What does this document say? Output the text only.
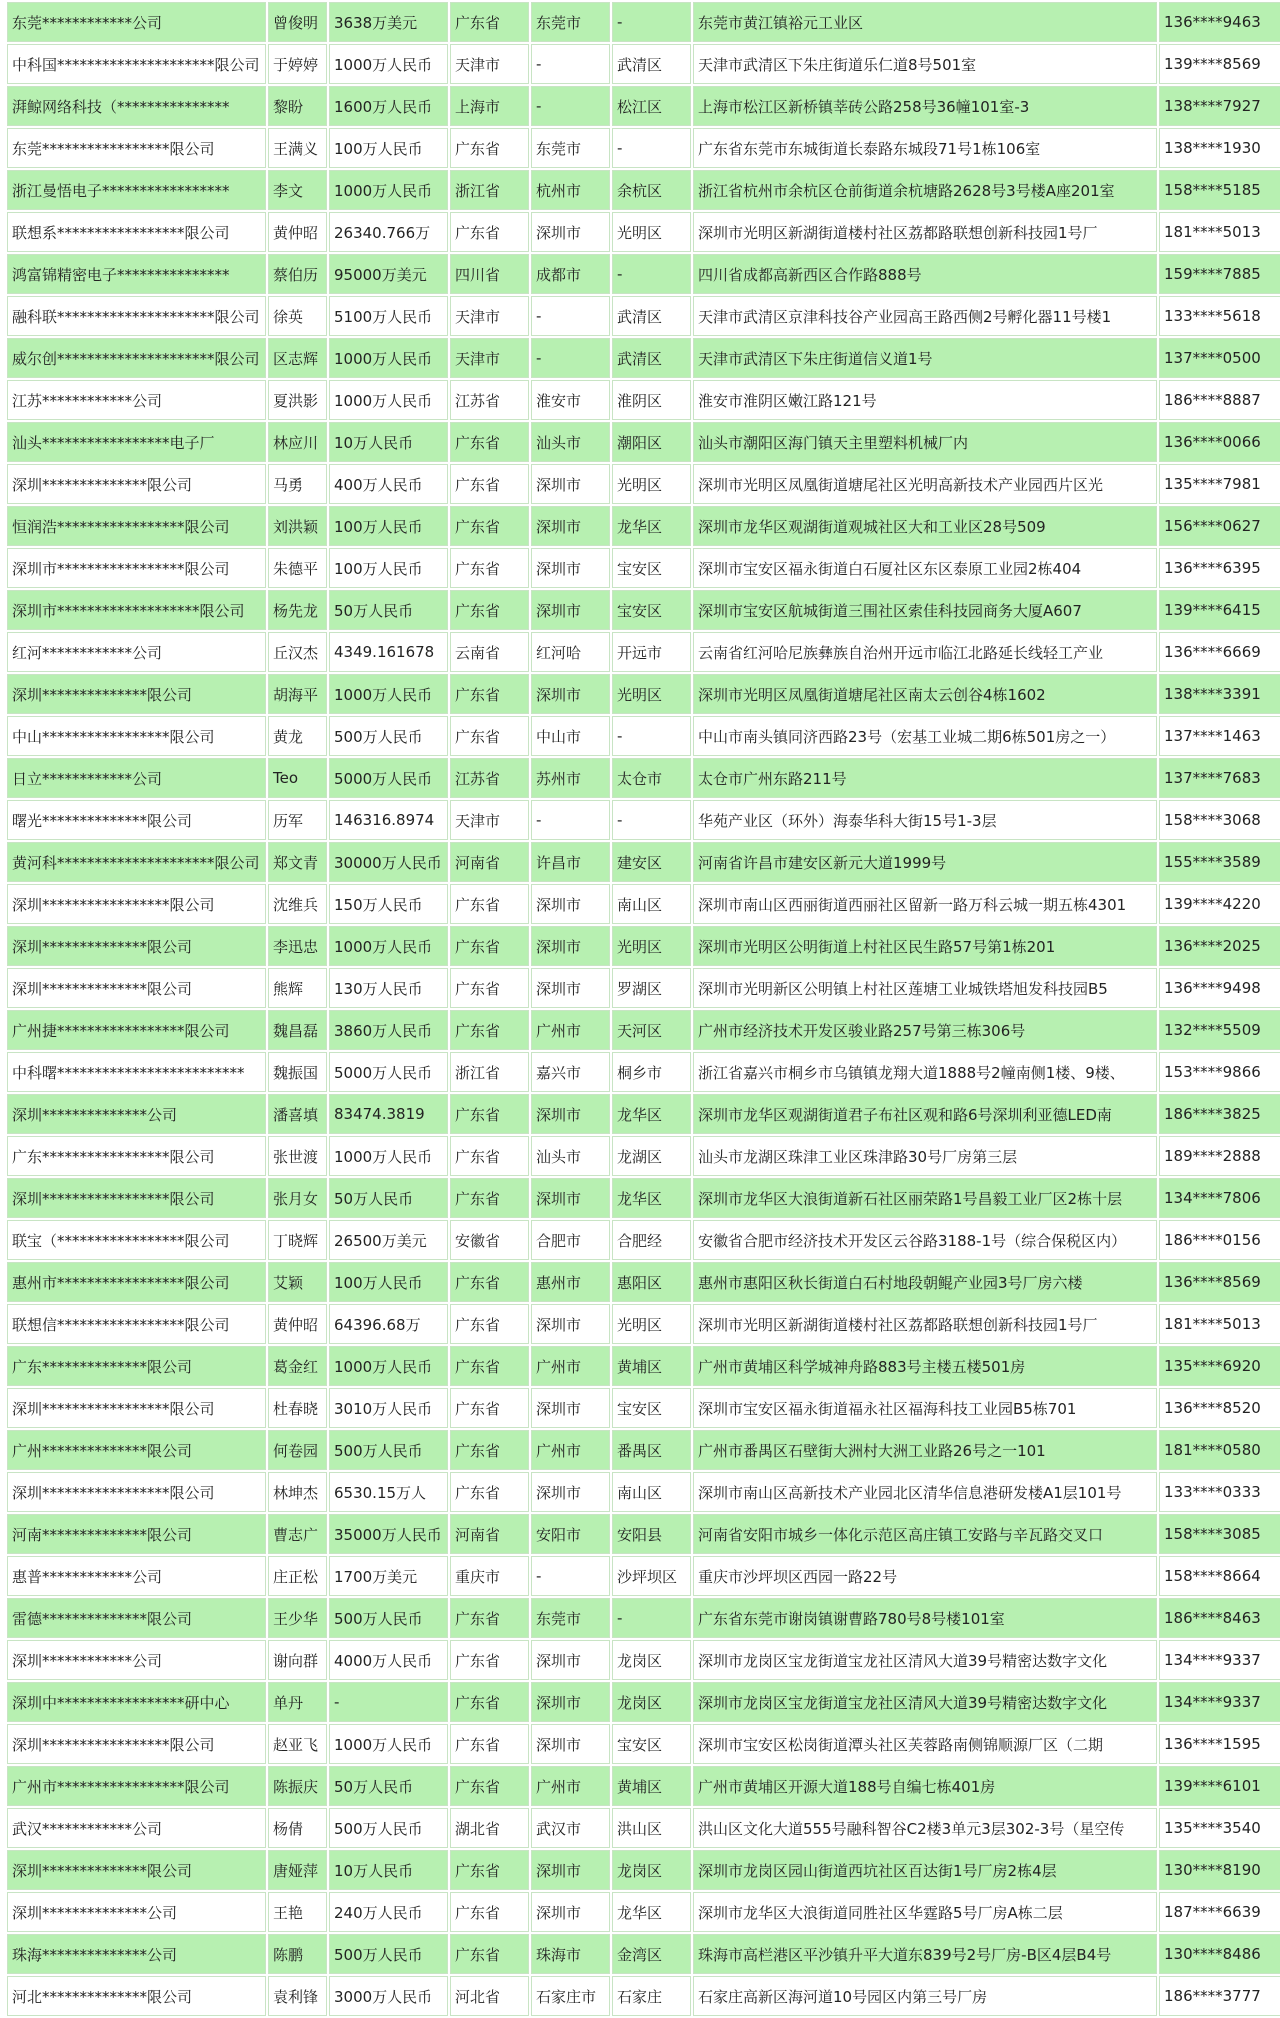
东莞************公司	曾俊明	3638万美元	广东省	东莞市	-	东莞市黄江镇裕元工业区	136****9463
中科国*********************限公司	于婷婷	1000万人民币	天津市	-	武清区	天津市武清区下朱庄街道乐仁道8号501室	139****8569
湃鲸网络科技（***************	黎盼	1600万人民币	上海市	-	松江区	上海市松江区新桥镇莘砖公路258号36幢101室-3	138****7927
东莞*****************限公司	王满义	100万人民币	广东省	东莞市	-	广东省东莞市东城街道长泰路东城段71号1栋106室	138****1930
浙江曼悟电子*****************	李文	1000万人民币	浙江省	杭州市	余杭区	浙江省杭州市余杭区仓前街道余杭塘路2628号3号楼A座201室	158****5185
联想系*****************限公司	黄仲昭	26340.766万	广东省	深圳市	光明区	深圳市光明区新湖街道楼村社区荔都路联想创新科技园1号厂	181****5013
鸿富锦精密电子***************	蔡伯历	95000万美元	四川省	成都市	-	四川省成都高新西区合作路888号	159****7885
融科联*********************限公司	徐英	5100万人民币	天津市	-	武清区	天津市武清区京津科技谷产业园高王路西侧2号孵化器11号楼1	133****5618
威尔创*********************限公司	区志辉	1000万人民币	天津市	-	武清区	天津市武清区下朱庄街道信义道1号	137****0500
江苏************公司	夏洪影	1000万人民币	江苏省	淮安市	淮阴区	淮安市淮阴区嫩江路121号	186****8887
汕头*****************电子厂	林应川	10万人民币	广东省	汕头市	潮阳区	汕头市潮阳区海门镇天主里塑料机械厂内	136****0066
深圳**************限公司	马勇	400万人民币	广东省	深圳市	光明区	深圳市光明区凤凰街道塘尾社区光明高新技术产业园西片区光	135****7981
恒润浩*****************限公司	刘洪颖	100万人民币	广东省	深圳市	龙华区	深圳市龙华区观湖街道观城社区大和工业区28号509	156****0627
深圳市*****************限公司	朱德平	100万人民币	广东省	深圳市	宝安区	深圳市宝安区福永街道白石厦社区东区泰原工业园2栋404	136****6395
深圳市*******************限公司	杨先龙	50万人民币	广东省	深圳市	宝安区	深圳市宝安区航城街道三围社区索佳科技园商务大厦A607	139****6415
红河************公司	丘汉杰	4349.161678	云南省	红河哈	开远市	云南省红河哈尼族彝族自治州开远市临江北路延长线轻工产业	136****6669
深圳**************限公司	胡海平	1000万人民币	广东省	深圳市	光明区	深圳市光明区凤凰街道塘尾社区南太云创谷4栋1602	138****3391
中山*****************限公司	黄龙	500万人民币	广东省	中山市	-	中山市南头镇同济西路23号（宏基工业城二期6栋501房之一）	137****1463
日立************公司	Teo	5000万人民币	江苏省	苏州市	太仓市	太仓市广州东路211号	137****7683
曙光**************限公司	历军	146316.8974	天津市	-	-	华苑产业区（环外）海泰华科大街15号1-3层	158****3068
黄河科*********************限公司	郑文青	30000万人民币	河南省	许昌市	建安区	河南省许昌市建安区新元大道1999号	155****3589
深圳*****************限公司	沈维兵	150万人民币	广东省	深圳市	南山区	深圳市南山区西丽街道西丽社区留新一路万科云城一期五栋4301	139****4220
深圳**************限公司	李迅忠	1000万人民币	广东省	深圳市	光明区	深圳市光明区公明街道上村社区民生路57号第1栋201	136****2025
深圳**************限公司	熊辉	130万人民币	广东省	深圳市	罗湖区	深圳市光明新区公明镇上村社区莲塘工业城铁塔旭发科技园B5	136****9498
广州捷*****************限公司	魏昌磊	3860万人民币	广东省	广州市	天河区	广州市经济技术开发区骏业路257号第三栋306号	132****5509
中科曙*************************	魏振国	5000万人民币	浙江省	嘉兴市	桐乡市	浙江省嘉兴市桐乡市乌镇镇龙翔大道1888号2幢南侧1楼、9楼、	153****9866
深圳**************公司	潘喜填	83474.3819	广东省	深圳市	龙华区	深圳市龙华区观湖街道君子布社区观和路6号深圳利亚德LED南	186****3825
广东*****************限公司	张世渡	1000万人民币	广东省	汕头市	龙湖区	汕头市龙湖区珠津工业区珠津路30号厂房第三层	189****2888
深圳*****************限公司	张月女	50万人民币	广东省	深圳市	龙华区	深圳市龙华区大浪街道新石社区丽荣路1号昌毅工业厂区2栋十层	134****7806
联宝（*****************限公司	丁晓辉	26500万美元	安徽省	合肥市	合肥经	安徽省合肥市经济技术开发区云谷路3188-1号（综合保税区内）	186****0156
惠州市*****************限公司	艾颖	100万人民币	广东省	惠州市	惠阳区	惠州市惠阳区秋长街道白石村地段朝鲲产业园3号厂房六楼	136****8569
联想信*****************限公司	黄仲昭	64396.68万	广东省	深圳市	光明区	深圳市光明区新湖街道楼村社区荔都路联想创新科技园1号厂	181****5013
广东**************限公司	葛金红	1000万人民币	广东省	广州市	黄埔区	广州市黄埔区科学城神舟路883号主楼五楼501房	135****6920
深圳*****************限公司	杜春晓	3010万人民币	广东省	深圳市	宝安区	深圳市宝安区福永街道福永社区福海科技工业园B5栋701	136****8520
广州**************限公司	何卷园	500万人民币	广东省	广州市	番禺区	广州市番禺区石壁街大洲村大洲工业路26号之一101	181****0580
深圳*****************限公司	林坤杰	6530.15万人	广东省	深圳市	南山区	深圳市南山区高新技术产业园北区清华信息港研发楼A1层101号	133****0333
河南**************限公司	曹志广	35000万人民币	河南省	安阳市	安阳县	河南省安阳市城乡一体化示范区高庄镇工安路与辛瓦路交叉口	158****3085
惠普************公司	庄正松	1700万美元	重庆市	-	沙坪坝区	重庆市沙坪坝区西园一路22号	158****8664
雷德**************限公司	王少华	500万人民币	广东省	东莞市	-	广东省东莞市谢岗镇谢曹路780号8号楼101室	186****8463
深圳************公司	谢向群	4000万人民币	广东省	深圳市	龙岗区	深圳市龙岗区宝龙街道宝龙社区清风大道39号精密达数字文化	134****9337
深圳中*****************研中心	单丹	-	广东省	深圳市	龙岗区	深圳市龙岗区宝龙街道宝龙社区清风大道39号精密达数字文化	134****9337
深圳*****************限公司	赵亚飞	1000万人民币	广东省	深圳市	宝安区	深圳市宝安区松岗街道潭头社区芙蓉路南侧锦顺源厂区（二期	136****1595
广州市*****************限公司	陈振庆	50万人民币	广东省	广州市	黄埔区	广州市黄埔区开源大道188号自编七栋401房	139****6101
武汉************公司	杨倩	500万人民币	湖北省	武汉市	洪山区	洪山区文化大道555号融科智谷C2楼3单元3层302-3号（星空传	135****3540
深圳**************限公司	唐娅萍	10万人民币	广东省	深圳市	龙岗区	深圳市龙岗区园山街道西坑社区百达街1号厂房2栋4层	130****8190
深圳**************公司	王艳	240万人民币	广东省	深圳市	龙华区	深圳市龙华区大浪街道同胜社区华霆路5号厂房A栋二层	187****6639
珠海**************公司	陈鹏	500万人民币	广东省	珠海市	金湾区	珠海市高栏港区平沙镇升平大道东839号2号厂房-B区4层B4号	130****8486
河北**************限公司	袁利锋	3000万人民币	河北省	石家庄市	石家庄	石家庄高新区海河道10号园区内第三号厂房	186****3777
